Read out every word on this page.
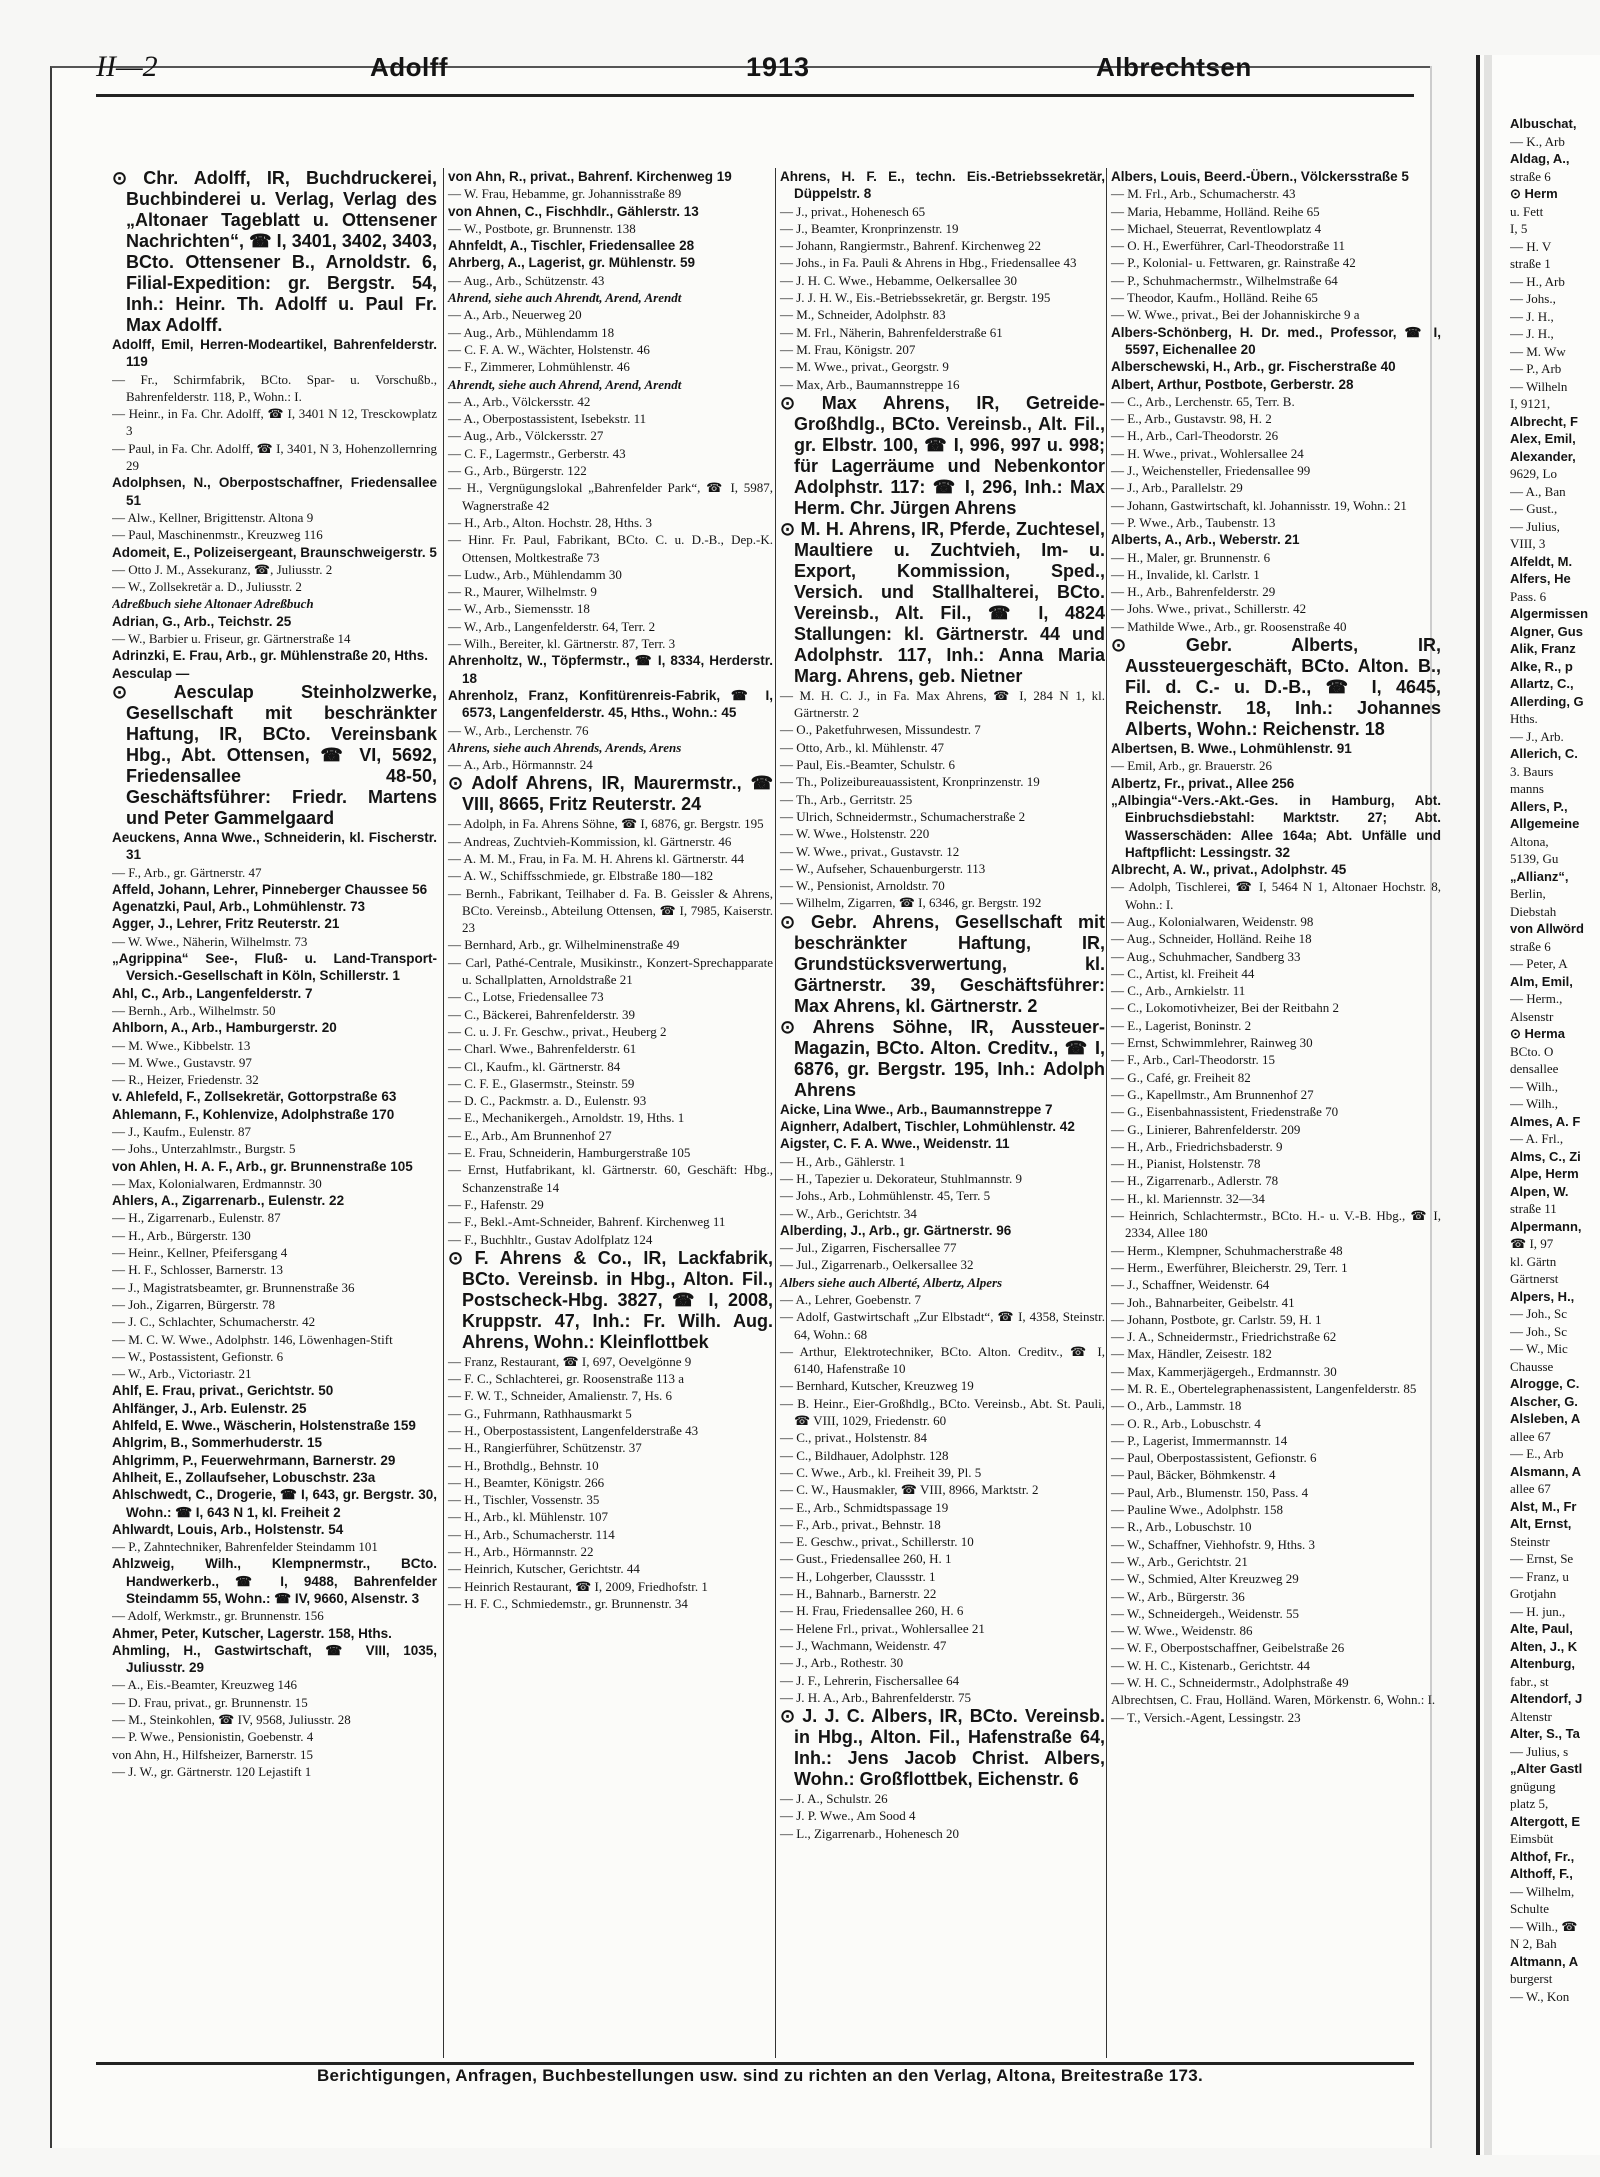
Albuschat,
— K., Arb
Aldag, A.,
straße 6
⊙ Herm
u. Fett
I, 5
— H. V
straße 1
— H., Arb
— Johs.,
— J. H.,
— J. H.,
— M. Ww
— P., Arb
— Wilheln
I, 9121,
Albrecht, F
Alex, Emil,
Alexander,
9629, Lo
— A., Ban
— Gust.,
— Julius,
VIII, 3
Alfeldt, M.
Alfers, He
Pass. 6
Algermissen
Algner, Gus
Alik, Franz
Alke, R., p
Allartz, C.,
Allerding, G
Hths.
— J., Arb.
Allerich, C.
3. Baurs
manns
Allers, P.,
Allgemeine
Altona,
5139, Gu
„Allianz“,
Berlin,
Diebstah
von Allwörd
straße 6
— Peter, A
Alm, Emil,
— Herm.,
Alsenstr
⊙ Herma
BCto. O
densallee
— Wilh.,
— Wilh.,
Almes, A. F
— A. Frl.,
Alms, C., Zi
Alpe, Herm
Alpen, W.
straße 11
Alpermann,
☎ I, 97
kl. Gärtn
Gärtnerst
Alpers, H.,
— Joh., Sc
— Joh., Sc
— W., Mic
Chausse
Alrogge, C.
Alscher, G.
Alsleben, A
allee 67
— E., Arb
Alsmann, A
allee 67
Alst, M., Fr
Alt, Ernst,
Steinstr
— Ernst, Se
— Franz, u
Grotjahn
— H. jun.,
Alte, Paul,
Alten, J., K
Altenburg,
fabr., st
Altendorf, J
Altenstr
Alter, S., Ta
— Julius, s
„Alter Gastl
gnügung
platz 5,
Altergott, E
Eimsbüt
Althof, Fr.,
Althoff, F.,
— Wilhelm,
Schulte
— Wilh., ☎
N 2, Bah
Altmann, A
burgerst
— W., Kon
II—2	Adolff	1913	Albrechtsen
⊙ Chr. Adolff, IR, Buchdruckerei, Buchbinderei u. Verlag, Verlag des „Altonaer Tageblatt u. Ottensener Nachrichten“, ☎ I, 3401, 3402, 3403, BCto. Ottensener B., Arnoldstr. 6, Filial-Expedition: gr. Bergstr. 54, Inh.: Heinr. Th. Adolff u. Paul Fr. Max Adolff.
Adolff, Emil, Herren-Modeartikel, Bahrenfelderstr. 119
— Fr., Schirmfabrik, BCto. Spar- u. Vorschußb., Bahrenfelderstr. 118, P., Wohn.: I.
— Heinr., in Fa. Chr. Adolff, ☎ I, 3401 N 12, Tresckowplatz 3
— Paul, in Fa. Chr. Adolff, ☎ I, 3401, N 3, Hohenzollernring 29
Adolphsen, N., Oberpostschaffner, Friedensallee 51
— Alw., Kellner, Brigittenstr. Altona 9
— Paul, Maschinenmstr., Kreuzweg 116
Adomeit, E., Polizeisergeant, Braunschweigerstr. 5
— Otto J. M., Assekuranz, ☎, Juliusstr. 2
— W., Zollsekretär a. D., Juliusstr. 2
Adreßbuch siehe Altonaer Adreßbuch
Adrian, G., Arb., Teichstr. 25
— W., Barbier u. Friseur, gr. Gärtnerstraße 14
Adrinzki, E. Frau, Arb., gr. Mühlenstraße 20, Hths.
Aesculap —
⊙ Aesculap Steinholzwerke, Gesellschaft mit beschränkter Haftung, IR, BCto. Vereinsbank Hbg., Abt. Ottensen, ☎ VI, 5692, Friedensallee 48-50, Geschäftsführer: Friedr. Martens und Peter Gammelgaard
Aeuckens, Anna Wwe., Schneiderin, kl. Fischerstr. 31
— F., Arb., gr. Gärtnerstr. 47
Affeld, Johann, Lehrer, Pinneberger Chaussee 56
Agenatzki, Paul, Arb., Lohmühlenstr. 73
Agger, J., Lehrer, Fritz Reuterstr. 21
— W. Wwe., Näherin, Wilhelmstr. 73
„Agrippina“ See-, Fluß- u. Land-Transport-Versich.-Gesellschaft in Köln, Schillerstr. 1
Ahl, C., Arb., Langenfelderstr. 7
— Bernh., Arb., Wilhelmstr. 50
Ahlborn, A., Arb., Hamburgerstr. 20
— M. Wwe., Kibbelstr. 13
— M. Wwe., Gustavstr. 97
— R., Heizer, Friedenstr. 32
v. Ahlefeld, F., Zollsekretär, Gottorpstraße 63
Ahlemann, F., Kohlenvize, Adolphstraße 170
— J., Kaufm., Eulenstr. 87
— Johs., Unterzahlmstr., Burgstr. 5
von Ahlen, H. A. F., Arb., gr. Brunnenstraße 105
— Max, Kolonialwaren, Erdmannstr. 30
Ahlers, A., Zigarrenarb., Eulenstr. 22
— H., Zigarrenarb., Eulenstr. 87
— H., Arb., Bürgerstr. 130
— Heinr., Kellner, Pfeifersgang 4
— H. F., Schlosser, Barnerstr. 13
— J., Magistratsbeamter, gr. Brunnenstraße 36
— Joh., Zigarren, Bürgerstr. 78
— J. C., Schlachter, Schumacherstr. 42
— M. C. W. Wwe., Adolphstr. 146, Löwenhagen-Stift
— W., Postassistent, Gefionstr. 6
— W., Arb., Victoriastr. 21
Ahlf, E. Frau, privat., Gerichtstr. 50
Ahlfänger, J., Arb. Eulenstr. 25
Ahlfeld, E. Wwe., Wäscherin, Holstenstraße 159
Ahlgrim, B., Sommerhuderstr. 15
Ahlgrimm, P., Feuerwehrmann, Barnerstr. 29
Ahlheit, E., Zollaufseher, Lobuschstr. 23a
Ahlschwedt, C., Drogerie, ☎ I, 643, gr. Bergstr. 30, Wohn.: ☎ I, 643 N 1, kl. Freiheit 2
Ahlwardt, Louis, Arb., Holstenstr. 54
— P., Zahntechniker, Bahrenfelder Steindamm 101
Ahlzweig, Wilh., Klempnermstr., BCto. Handwerkerb., ☎ I, 9488, Bahrenfelder Steindamm 55, Wohn.: ☎ IV, 9660, Alsenstr. 3
— Adolf, Werkmstr., gr. Brunnenstr. 156
Ahmer, Peter, Kutscher, Lagerstr. 158, Hths.
Ahmling, H., Gastwirtschaft, ☎ VIII, 1035, Juliusstr. 29
— A., Eis.-Beamter, Kreuzweg 146
— D. Frau, privat., gr. Brunnenstr. 15
— M., Steinkohlen, ☎ IV, 9568, Juliusstr. 28
— P. Wwe., Pensionistin, Goebenstr. 4
von Ahn, H., Hilfsheizer, Barnerstr. 15
— J. W., gr. Gärtnerstr. 120 Lejastift 1
von Ahn, R., privat., Bahrenf. Kirchenweg 19
— W. Frau, Hebamme, gr. Johannisstraße 89
von Ahnen, C., Fischhdlr., Gählerstr. 13
— W., Postbote, gr. Brunnenstr. 138
Ahnfeldt, A., Tischler, Friedensallee 28
Ahrberg, A., Lagerist, gr. Mühlenstr. 59
— Aug., Arb., Schützenstr. 43
Ahrend, siehe auch Ahrendt, Arend, Arendt
— A., Arb., Neuerweg 20
— Aug., Arb., Mühlendamm 18
— C. F. A. W., Wächter, Holstenstr. 46
— F., Zimmerer, Lohmühlenstr. 46
Ahrendt, siehe auch Ahrend, Arend, Arendt
— A., Arb., Völckersstr. 42
— A., Oberpostassistent, Isebekstr. 11
— Aug., Arb., Völckersstr. 27
— C. F., Lagermstr., Gerberstr. 43
— G., Arb., Bürgerstr. 122
— H., Vergnügungslokal „Bahrenfelder Park“, ☎ I, 5987, Wagnerstraße 42
— H., Arb., Alton. Hochstr. 28, Hths. 3
— Hinr. Fr. Paul, Fabrikant, BCto. C. u. D.-B., Dep.-K. Ottensen, Moltkestraße 73
— Ludw., Arb., Mühlendamm 30
— R., Maurer, Wilhelmstr. 9
— W., Arb., Siemensstr. 18
— W., Arb., Langenfelderstr. 64, Terr. 2
— Wilh., Bereiter, kl. Gärtnerstr. 87, Terr. 3
Ahrenholtz, W., Töpfermstr., ☎ I, 8334, Herderstr. 18
Ahrenholz, Franz, Konfitürenreis-Fabrik, ☎ I, 6573, Langenfelderstr. 45, Hths., Wohn.: 45
— W., Arb., Lerchenstr. 76
Ahrens, siehe auch Ahrends, Arends, Arens
— A., Arb., Hörmannstr. 24
⊙ Adolf Ahrens, IR, Maurermstr., ☎ VIII, 8665, Fritz Reuterstr. 24
— Adolph, in Fa. Ahrens Söhne, ☎ I, 6876, gr. Bergstr. 195
— Andreas, Zuchtvieh-Kommission, kl. Gärtnerstr. 46
— A. M. M., Frau, in Fa. M. H. Ahrens kl. Gärtnerstr. 44
— A. W., Schiffsschmiede, gr. Elbstraße 180—182
— Bernh., Fabrikant, Teilhaber d. Fa. B. Geissler & Ahrens, BCto. Vereinsb., Abteilung Ottensen, ☎ I, 7985, Kaiserstr. 23
— Bernhard, Arb., gr. Wilhelminenstraße 49
— Carl, Pathé-Centrale, Musikinstr., Konzert-Sprechapparate u. Schallplatten, Arnoldstraße 21
— C., Lotse, Friedensallee 73
— C., Bäckerei, Bahrenfelderstr. 39
— C. u. J. Fr. Geschw., privat., Heuberg 2
— Charl. Wwe., Bahrenfelderstr. 61
— Cl., Kaufm., kl. Gärtnerstr. 84
— C. F. E., Glasermstr., Steinstr. 59
— D. C., Packmstr. a. D., Eulenstr. 93
— E., Mechanikergeh., Arnoldstr. 19, Hths. 1
— E., Arb., Am Brunnenhof 27
— E. Frau, Schneiderin, Hamburgerstraße 105
— Ernst, Hutfabrikant, kl. Gärtnerstr. 60, Geschäft: Hbg., Schanzenstraße 14
— F., Hafenstr. 29
— F., Bekl.-Amt-Schneider, Bahrenf. Kirchenweg 11
— F., Buchhltr., Gustav Adolfplatz 124
⊙ F. Ahrens & Co., IR, Lackfabrik, BCto. Vereinsb. in Hbg., Alton. Fil., Postscheck-Hbg. 3827, ☎ I, 2008, Kruppstr. 47, Inh.: Fr. Wilh. Aug. Ahrens, Wohn.: Kleinflottbek
— Franz, Restaurant, ☎ I, 697, Oevelgönne 9
— F. C., Schlachterei, gr. Roosenstraße 113 a
— F. W. T., Schneider, Amalienstr. 7, Hs. 6
— G., Fuhrmann, Rathhausmarkt 5
— H., Oberpostassistent, Langenfelderstraße 43
— H., Rangierführer, Schützenstr. 37
— H., Brothdlg., Behnstr. 10
— H., Beamter, Königstr. 266
— H., Tischler, Vossenstr. 35
— H., Arb., kl. Mühlenstr. 107
— H., Arb., Schumacherstr. 114
— H., Arb., Hörmannstr. 22
— Heinrich, Kutscher, Gerichtstr. 44
— Heinrich Restaurant, ☎ I, 2009, Friedhofstr. 1
— H. F. C., Schmiedemstr., gr. Brunnenstr. 34
Ahrens, H. F. E., techn. Eis.-Betriebssekretär, Düppelstr. 8
— J., privat., Hohenesch 65
— J., Beamter, Kronprinzenstr. 19
— Johann, Rangiermstr., Bahrenf. Kirchenweg 22
— Johs., in Fa. Pauli & Ahrens in Hbg., Friedensallee 43
— J. H. C. Wwe., Hebamme, Oelkersallee 30
— J. J. H. W., Eis.-Betriebssekretär, gr. Bergstr. 195
— M., Schneider, Adolphstr. 83
— M. Frl., Näherin, Bahrenfelderstraße 61
— M. Frau, Königstr. 207
— M. Wwe., privat., Georgstr. 9
— Max, Arb., Baumannstreppe 16
⊙ Max Ahrens, IR, Getreide-Großhdlg., BCto. Vereinsb., Alt. Fil., gr. Elbstr. 100, ☎ I, 996, 997 u. 998; für Lagerräume und Nebenkontor Adolphstr. 117: ☎ I, 296, Inh.: Max Herm. Chr. Jürgen Ahrens
⊙ M. H. Ahrens, IR, Pferde, Zuchtesel, Maultiere u. Zuchtvieh, Im- u. Export, Kommission, Sped., Versich. und Stallhalterei, BCto. Vereinsb., Alt. Fil., ☎ I, 4824 Stallungen: kl. Gärtnerstr. 44 und Adolphstr. 117, Inh.: Anna Maria Marg. Ahrens, geb. Nietner
— M. H. C. J., in Fa. Max Ahrens, ☎ I, 284 N 1, kl. Gärtnerstr. 2
— O., Paketfuhrwesen, Missundestr. 7
— Otto, Arb., kl. Mühlenstr. 47
— Paul, Eis.-Beamter, Schulstr. 6
— Th., Polizeibureauassistent, Kronprinzenstr. 19
— Th., Arb., Gerritstr. 25
— Ulrich, Schneidermstr., Schumacherstraße 2
— W. Wwe., Holstenstr. 220
— W. Wwe., privat., Gustavstr. 12
— W., Aufseher, Schauenburgerstr. 113
— W., Pensionist, Arnoldstr. 70
— Wilhelm, Zigarren, ☎ I, 6346, gr. Bergstr. 192
⊙ Gebr. Ahrens, Gesellschaft mit beschränkter Haftung, IR, Grundstücksverwertung, kl. Gärtnerstr. 39, Geschäftsführer: Max Ahrens, kl. Gärtnerstr. 2
⊙ Ahrens Söhne, IR, Aussteuer-Magazin, BCto. Alton. Creditv., ☎ I, 6876, gr. Bergstr. 195, Inh.: Adolph Ahrens
Aicke, Lina Wwe., Arb., Baumannstreppe 7
Aignherr, Adalbert, Tischler, Lohmühlenstr. 42
Aigster, C. F. A. Wwe., Weidenstr. 11
— H., Arb., Gählerstr. 1
— H., Tapezier u. Dekorateur, Stuhlmannstr. 9
— Johs., Arb., Lohmühlenstr. 45, Terr. 5
— W., Arb., Gerichtstr. 34
Alberding, J., Arb., gr. Gärtnerstr. 96
— Jul., Zigarren, Fischersallee 77
— Jul., Zigarrenarb., Oelkersallee 32
Albers siehe auch Alberté, Albertz, Alpers
— A., Lehrer, Goebenstr. 7
— Adolf, Gastwirtschaft „Zur Elbstadt“, ☎ I, 4358, Steinstr. 64, Wohn.: 68
— Arthur, Elektrotechniker, BCto. Alton. Creditv., ☎ I, 6140, Hafenstraße 10
— Bernhard, Kutscher, Kreuzweg 19
— B. Heinr., Eier-Großhdlg., BCto. Vereinsb., Abt. St. Pauli, ☎ VIII, 1029, Friedenstr. 60
— C., privat., Holstenstr. 84
— C., Bildhauer, Adolphstr. 128
— C. Wwe., Arb., kl. Freiheit 39, Pl. 5
— C. W., Hausmakler, ☎ VIII, 8966, Marktstr. 2
— E., Arb., Schmidtspassage 19
— F., Arb., privat., Behnstr. 18
— E. Geschw., privat., Schillerstr. 10
— Gust., Friedensallee 260, H. 1
— H., Lohgerber, Claussstr. 1
— H., Bahnarb., Barnerstr. 22
— H. Frau, Friedensallee 260, H. 6
— Helene Frl., privat., Wohlersallee 21
— J., Wachmann, Weidenstr. 47
— J., Arb., Rothestr. 30
— J. F., Lehrerin, Fischersallee 64
— J. H. A., Arb., Bahrenfelderstr. 75
⊙ J. J. C. Albers, IR, BCto. Vereinsb. in Hbg., Alton. Fil., Hafenstraße 64, Inh.: Jens Jacob Christ. Albers, Wohn.: Großflottbek, Eichenstr. 6
— J. A., Schulstr. 26
— J. P. Wwe., Am Sood 4
— L., Zigarrenarb., Hohenesch 20
Albers, Louis, Beerd.-Übern., Völckersstraße 5
— M. Frl., Arb., Schumacherstr. 43
— Maria, Hebamme, Holländ. Reihe 65
— Michael, Steuerrat, Reventlowplatz 4
— O. H., Ewerführer, Carl-Theodorstraße 11
— P., Kolonial- u. Fettwaren, gr. Rainstraße 42
— P., Schuhmachermstr., Wilhelmstraße 64
— Theodor, Kaufm., Holländ. Reihe 65
— W. Wwe., privat., Bei der Johanniskirche 9 a
Albers-Schönberg, H. Dr. med., Professor, ☎ I, 5597, Eichenallee 20
Alberschewski, H., Arb., gr. Fischerstraße 40
Albert, Arthur, Postbote, Gerberstr. 28
— C., Arb., Lerchenstr. 65, Terr. B.
— E., Arb., Gustavstr. 98, H. 2
— H., Arb., Carl-Theodorstr. 26
— H. Wwe., privat., Wohlersallee 24
— J., Weichensteller, Friedensallee 99
— J., Arb., Parallelstr. 29
— Johann, Gastwirtschaft, kl. Johannisstr. 19, Wohn.: 21
— P. Wwe., Arb., Taubenstr. 13
Alberts, A., Arb., Weberstr. 21
— H., Maler, gr. Brunnenstr. 6
— H., Invalide, kl. Carlstr. 1
— H., Arb., Bahrenfelderstr. 29
— Johs. Wwe., privat., Schillerstr. 42
— Mathilde Wwe., Arb., gr. Roosenstraße 40
⊙ Gebr. Alberts, IR, Aussteuergeschäft, BCto. Alton. B., Fil. d. C.- u. D.-B., ☎ I, 4645, Reichenstr. 18, Inh.: Johannes Alberts, Wohn.: Reichenstr. 18
Albertsen, B. Wwe., Lohmühlenstr. 91
— Emil, Arb., gr. Brauerstr. 26
Albertz, Fr., privat., Allee 256
„Albingia“-Vers.-Akt.-Ges. in Hamburg, Abt. Einbruchsdiebstahl: Marktstr. 27; Abt. Wasserschäden: Allee 164a; Abt. Unfälle und Haftpflicht: Lessingstr. 32
Albrecht, A. W., privat., Adolphstr. 45
— Adolph, Tischlerei, ☎ I, 5464 N 1, Altonaer Hochstr. 8, Wohn.: I.
— Aug., Kolonialwaren, Weidenstr. 98
— Aug., Schneider, Holländ. Reihe 18
— Aug., Schuhmacher, Sandberg 33
— C., Artist, kl. Freiheit 44
— C., Arb., Arnkielstr. 11
— C., Lokomotivheizer, Bei der Reitbahn 2
— E., Lagerist, Boninstr. 2
— Ernst, Schwimmlehrer, Rainweg 30
— F., Arb., Carl-Theodorstr. 15
— G., Café, gr. Freiheit 82
— G., Kapellmstr., Am Brunnenhof 27
— G., Eisenbahnassistent, Friedenstraße 70
— G., Linierer, Bahrenfelderstr. 209
— H., Arb., Friedrichsbaderstr. 9
— H., Pianist, Holstenstr. 78
— H., Zigarrenarb., Adlerstr. 78
— H., kl. Mariennstr. 32—34
— Heinrich, Schlachtermstr., BCto. H.- u. V.-B. Hbg., ☎ I, 2334, Allee 180
— Herm., Klempner, Schuhmacherstraße 48
— Herm., Ewerführer, Bleicherstr. 29, Terr. 1
— J., Schaffner, Weidenstr. 64
— Joh., Bahnarbeiter, Geibelstr. 41
— Johann, Postbote, gr. Carlstr. 59, H. 1
— J. A., Schneidermstr., Friedrichstraße 62
— Max, Händler, Zeisestr. 182
— Max, Kammerjägergeh., Erdmannstr. 30
— M. R. E., Obertelegraphenassistent, Langenfelderstr. 85
— O., Arb., Lammstr. 18
— O. R., Arb., Lobuschstr. 4
— P., Lagerist, Immermannstr. 14
— Paul, Oberpostassistent, Gefionstr. 6
— Paul, Bäcker, Böhmkenstr. 4
— Paul, Arb., Blumenstr. 150, Pass. 4
— Pauline Wwe., Adolphstr. 158
— R., Arb., Lobuschstr. 10
— W., Schaffner, Viehhofstr. 9, Hths. 3
— W., Arb., Gerichtstr. 21
— W., Schmied, Alter Kreuzweg 29
— W., Arb., Bürgerstr. 36
— W., Schneidergeh., Weidenstr. 55
— W. Wwe., Weidenstr. 86
— W. F., Oberpostschaffner, Geibelstraße 26
— W. H. C., Kistenarb., Gerichtstr. 44
— W. H. C., Schneidermstr., Adolphstraße 49
Albrechtsen, C. Frau, Holländ. Waren, Mörkenstr. 6, Wohn.: I.
— T., Versich.-Agent, Lessingstr. 23
Berichtigungen, Anfragen, Buchbestellungen usw. sind zu richten an den Verlag, Altona, Breitestraße 173.
